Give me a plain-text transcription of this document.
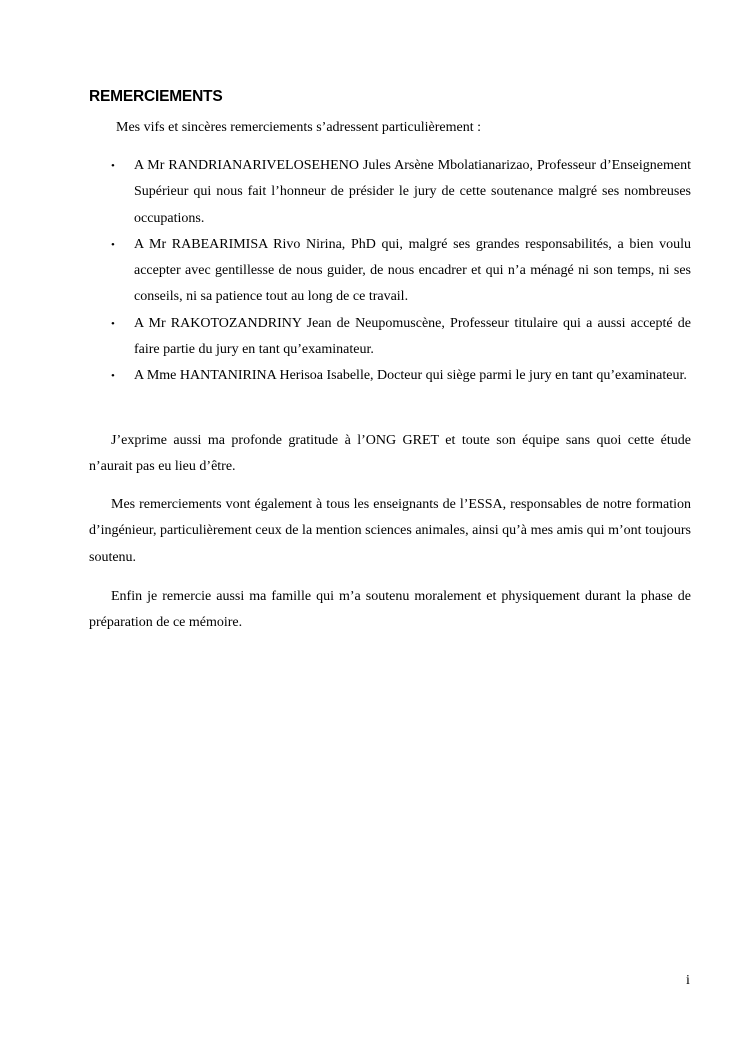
REMERCIEMENTS

Mes vifs et sincères remerciements s’adressent particulièrement :

• A Mr RANDRIANARIVELOSEHENO Jules Arsène Mbolatianarizao, Professeur d’Enseignement Supérieur qui nous fait l’honneur de présider le jury de cette soutenance malgré ses nombreuses occupations.
• A Mr RABEARIMISA Rivo Nirina, PhD qui, malgré ses grandes responsabilités, a bien voulu accepter avec gentillesse de nous guider, de nous encadrer et qui n’a ménagé ni son temps, ni ses conseils, ni sa patience tout au long de ce travail.
• A Mr RAKOTOZANDRINY Jean de Neupomuscène, Professeur titulaire qui a aussi accepté de faire partie du jury en tant qu’examinateur.
• A Mme HANTANIRINA Herisoa Isabelle, Docteur qui siège parmi le jury en tant qu’examinateur.

J’exprime aussi ma profonde gratitude à l’ONG GRET et toute son équipe sans quoi cette étude n’aurait pas eu lieu d’être.

Mes remerciements vont également à tous les enseignants de l’ESSA, responsables de notre formation d’ingénieur, particulièrement ceux de la mention sciences animales, ainsi qu’à mes amis qui m’ont toujours soutenu.

Enfin je remercie aussi ma famille qui m’a soutenu moralement et physiquement durant la phase de préparation de ce mémoire.

i
